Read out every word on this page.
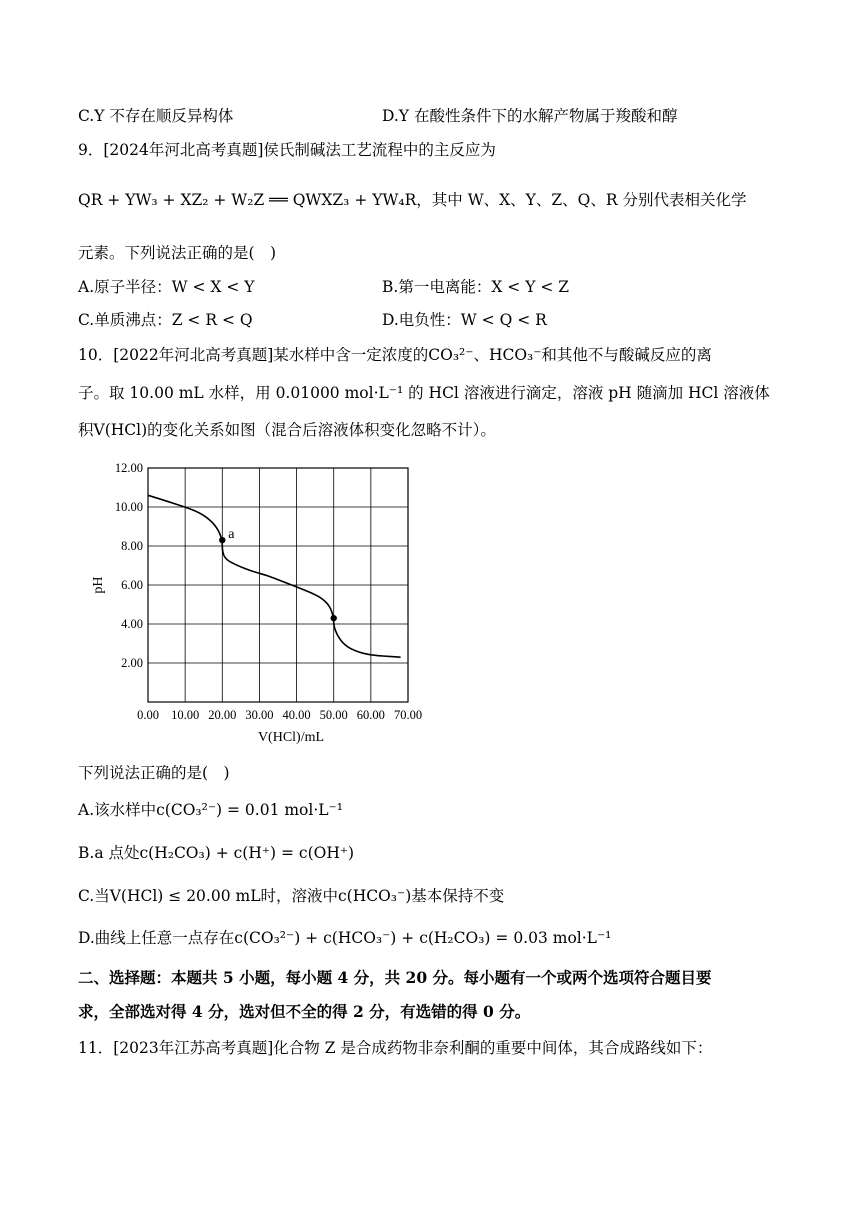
C.Y 不存在顺反异构体	D.Y 在酸性条件下的水解产物属于羧酸和醇
9．[2024年河北高考真题]侯氏制碱法工艺流程中的主反应为
QR + YW₃ + XZ₂ + W₂Z ══ QWXZ₃ + YW₄R，其中 W、X、Y、Z、Q、R 分别代表相关化学
元素。下列说法正确的是(　)
A.原子半径：W < X < Y	B.第一电离能：X < Y < Z
C.单质沸点：Z < R < Q	D.电负性：W < Q < R
10．[2022年河北高考真题]某水样中含一定浓度的CO₃²⁻、HCO₃⁻和其他不与酸碱反应的离
子。取 10.00 mL 水样，用 0.01000 mol·L⁻¹ 的 HCl 溶液进行滴定，溶液 pH 随滴加 HCl 溶液体
积V(HCl)的变化关系如图（混合后溶液体积变化忽略不计）。
0.00 10.00 20.00 30.00 40.00 50.00 60.00 70.00
2.00
4.00
6.00
8.00
10.00
12.00
a
V(HCl)/mL
pH
下列说法正确的是(　)
A.该水样中c(CO₃²⁻) = 0.01 mol·L⁻¹
B.a 点处c(H₂CO₃) + c(H⁺) = c(OH⁺)
C.当V(HCl) ≤ 20.00 mL时，溶液中c(HCO₃⁻)基本保持不变
D.曲线上任意一点存在c(CO₃²⁻) + c(HCO₃⁻) + c(H₂CO₃) = 0.03 mol·L⁻¹
二、选择题：本题共 5 小题，每小题 4 分，共 20 分。每小题有一个或两个选项符合题目要
求，全部选对得 4 分，选对但不全的得 2 分，有选错的得 0 分。
11．[2023年江苏高考真题]化合物 Z 是合成药物非奈利酮的重要中间体，其合成路线如下：
